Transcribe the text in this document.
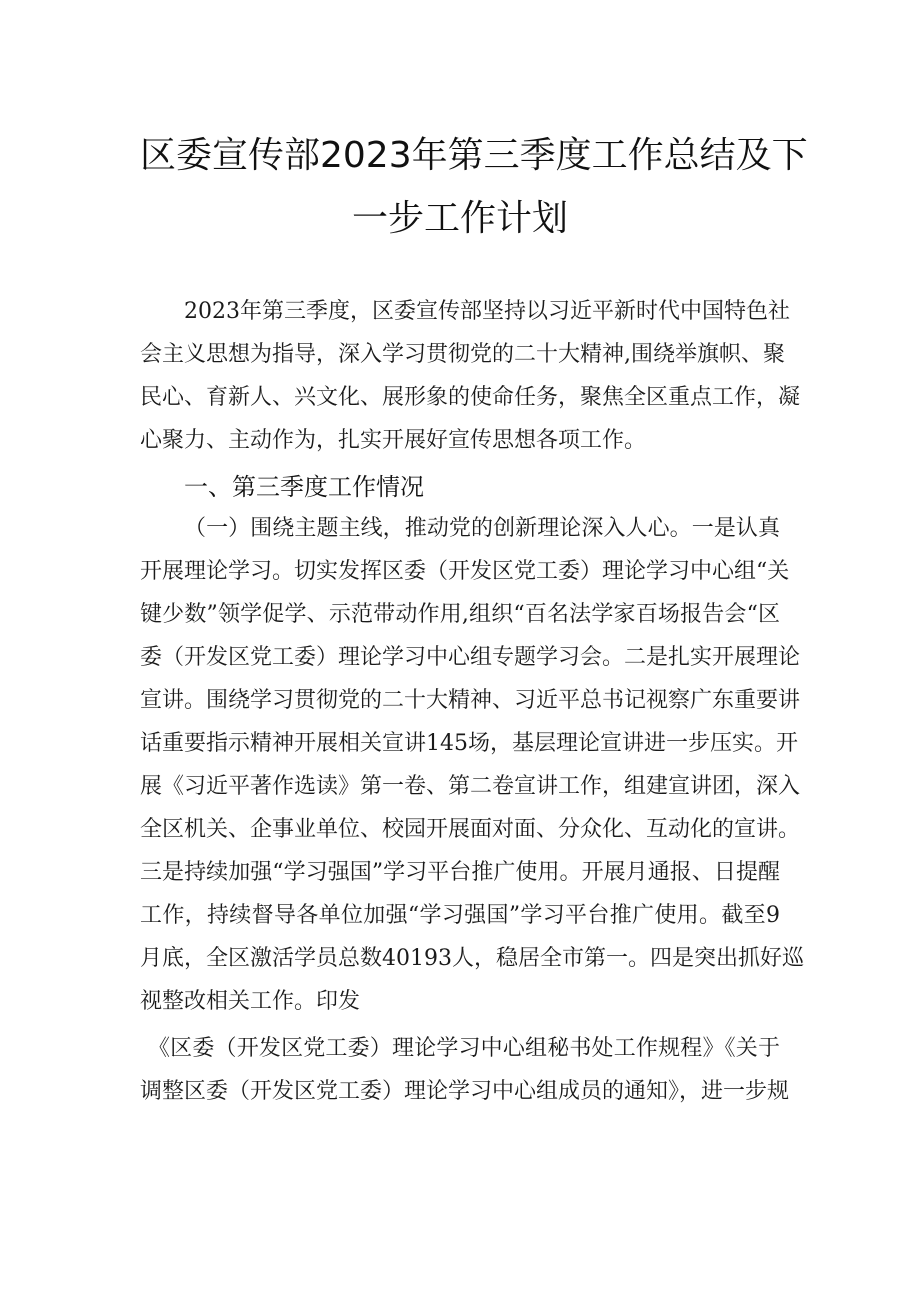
区委宣传部2023年第三季度工作总结及下
一步工作计划
2023年第三季度，区委宣传部坚持以习近平新时代中国特色社
会主义思想为指导，深入学习贯彻党的二十大精神,围绕举旗帜、聚
民心、育新人、兴文化、展形象的使命任务，聚焦全区重点工作，凝
心聚力、主动作为，扎实开展好宣传思想各项工作。
一、第三季度工作情况
（一）围绕主题主线，推动党的创新理论深入人心。一是认真
开展理论学习。切实发挥区委（开发区党工委）理论学习中心组“关
键少数”领学促学、示范带动作用,组织“百名法学家百场报告会“区
委（开发区党工委）理论学习中心组专题学习会。二是扎实开展理论
宣讲。围绕学习贯彻党的二十大精神、习近平总书记视察广东重要讲
话重要指示精神开展相关宣讲145场，基层理论宣讲进一步压实。开
展《习近平著作选读》第一卷、第二卷宣讲工作，组建宣讲团，深入
全区机关、企事业单位、校园开展面对面、分众化、互动化的宣讲。
三是持续加强“学习强国”学习平台推广使用。开展月通报、日提醒
工作，持续督导各单位加强“学习强国”学习平台推广使用。截至9
月底，全区激活学员总数40193人，稳居全市第一。四是突出抓好巡
视整改相关工作。印发
《区委（开发区党工委）理论学习中心组秘书处工作规程》《关于
调整区委（开发区党工委）理论学习中心组成员的通知》，进一步规
